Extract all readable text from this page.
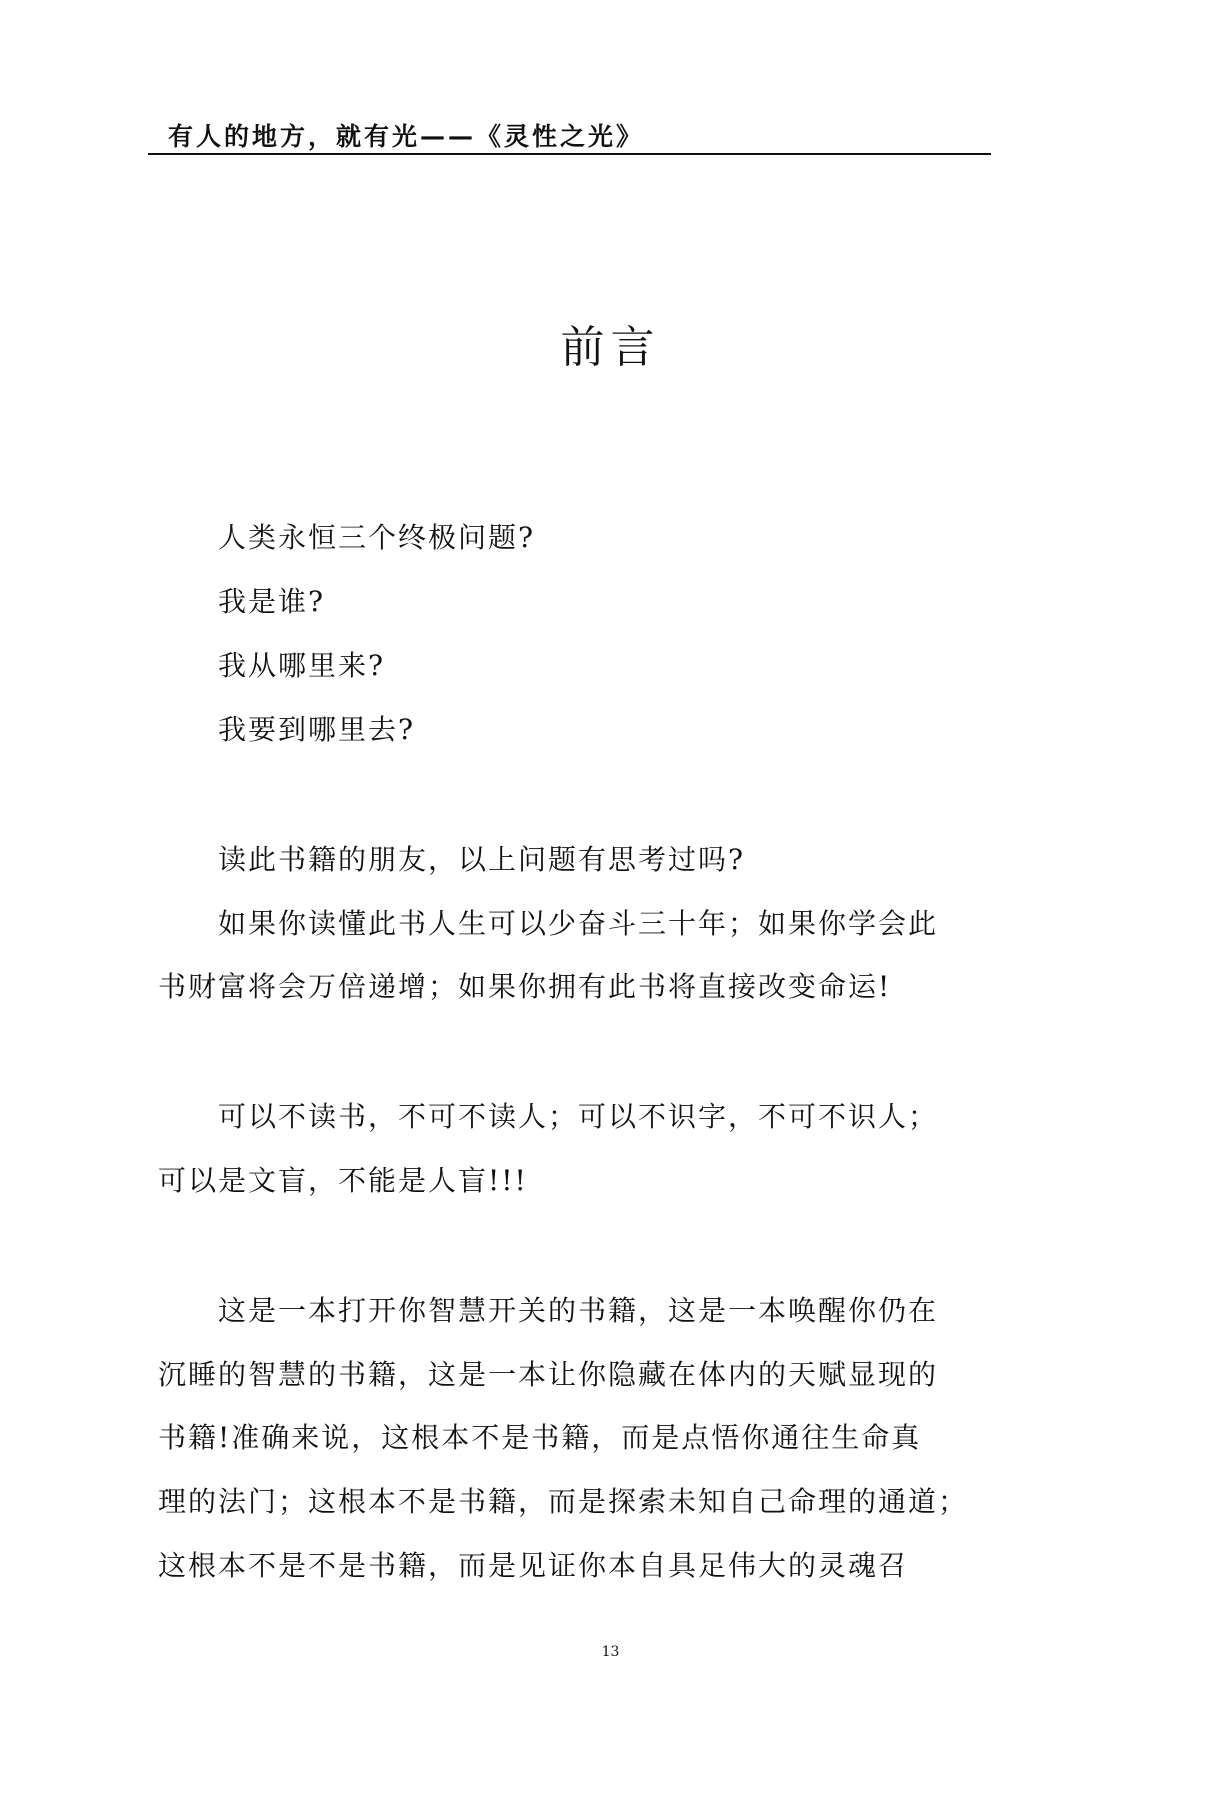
有人的地方，就有光——《灵性之光》
前言
人类永恒三个终极问题?
我是谁?
我从哪里来?
我要到哪里去?
读此书籍的朋友，以上问题有思考过吗?
如果你读懂此书人生可以少奋斗三十年；如果你学会此
书财富将会万倍递增；如果你拥有此书将直接改变命运!
可以不读书，不可不读人；可以不识字，不可不识人；
可以是文盲，不能是人盲!!!
这是一本打开你智慧开关的书籍，这是一本唤醒你仍在
沉睡的智慧的书籍，这是一本让你隐藏在体内的天赋显现的
书籍!准确来说，这根本不是书籍，而是点悟你通往生命真
理的法门；这根本不是书籍，而是探索未知自己命理的通道；
这根本不是不是书籍，而是见证你本自具足伟大的灵魂召
13
